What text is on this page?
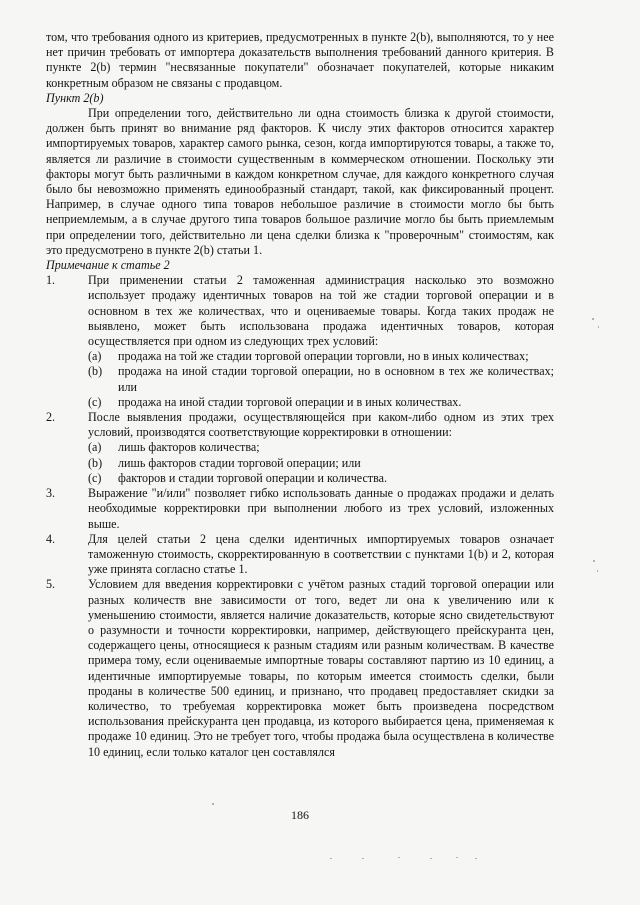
том, что требования одного из критериев, предусмотренных в пункте 2(b), выполняются, то у нее нет причин требовать от импортера доказательств выполнения требований данного критерия. В пункте 2(b) термин "несвязанные покупатели" обозначает покупателей, которые никаким конкретным образом не связаны с продавцом.

Пункт 2(b)

При определении того, действительно ли одна стоимость близка к другой стоимости, должен быть принят во внимание ряд факторов. К числу этих факторов относится характер импортируемых товаров, характер самого рынка, сезон, когда импортируются товары, а также то, является ли различие в стоимости существенным в коммерческом отношении. Поскольку эти факторы могут быть различными в каждом конкретном случае, для каждого конкретного случая было бы невозможно применять единообразный стандарт, такой, как фиксированный процент. Например, в случае одного типа товаров небольшое различие в стоимости могло бы быть неприемлемым, а в случае другого типа товаров большое различие могло бы быть приемлемым при определении того, действительно ли цена сделки близка к "проверочным" стоимостям, как это предусмотрено в пункте 2(b) статьи 1.

Примечание к статье 2

1.	При применении статьи 2 таможенная администрация насколько это возможно использует продажу идентичных товаров на той же стадии торговой операции и в основном в тех же количествах, что и оцениваемые товары. Когда таких продаж не выявлено, может быть использована продажа идентичных товаров, которая осуществляется при одном из следующих трех условий:
(a)	продажа на той же стадии торговой операции торговли, но в иных количествах;
(b)	продажа на иной стадии торговой операции, но в основном в тех же количествах; или
(c)	продажа на иной стадии торговой операции и в иных количествах.
2.	После выявления продажи, осуществляющейся при каком-либо одном из этих трех условий, производятся соответствующие корректировки в отношении:
(a)	лишь факторов количества;
(b)	лишь факторов стадии торговой операции; или
(c)	факторов и стадии торговой операции и количества.
3.	Выражение "и/или" позволяет гибко использовать данные о продажах продажи и делать необходимые корректировки при выполнении любого из трех условий, изложенных выше.
4.	Для целей статьи 2 цена сделки идентичных импортируемых товаров означает таможенную стоимость, скорректированную в соответствии с пунктами 1(b) и 2, которая уже принята согласно статье 1.
5.	Условием для введения корректировки с учётом разных стадий торговой операции или разных количеств вне зависимости от того, ведет ли она к увеличению или к уменьшению стоимости, является наличие доказательств, которые ясно свидетельствуют о разумности и точности корректировки, например, действующего прейскуранта цен, содержащего цены, относящиеся к разным стадиям или разным количествам. В качестве примера тому, если оцениваемые импортные товары составляют партию из 10 единиц, а идентичные импортируемые товары, по которым имеется стоимость сделки, были проданы в количестве 500 единиц, и признано, что продавец предоставляет скидки за количество, то требуемая корректировка может быть произведена посредством использования прейскуранта цен продавца, из которого выбирается цена, применяемая к продаже 10 единиц. Это не требует того, чтобы продажа была осуществлена в количестве 10 единиц, если только каталог цен составлялся
186
